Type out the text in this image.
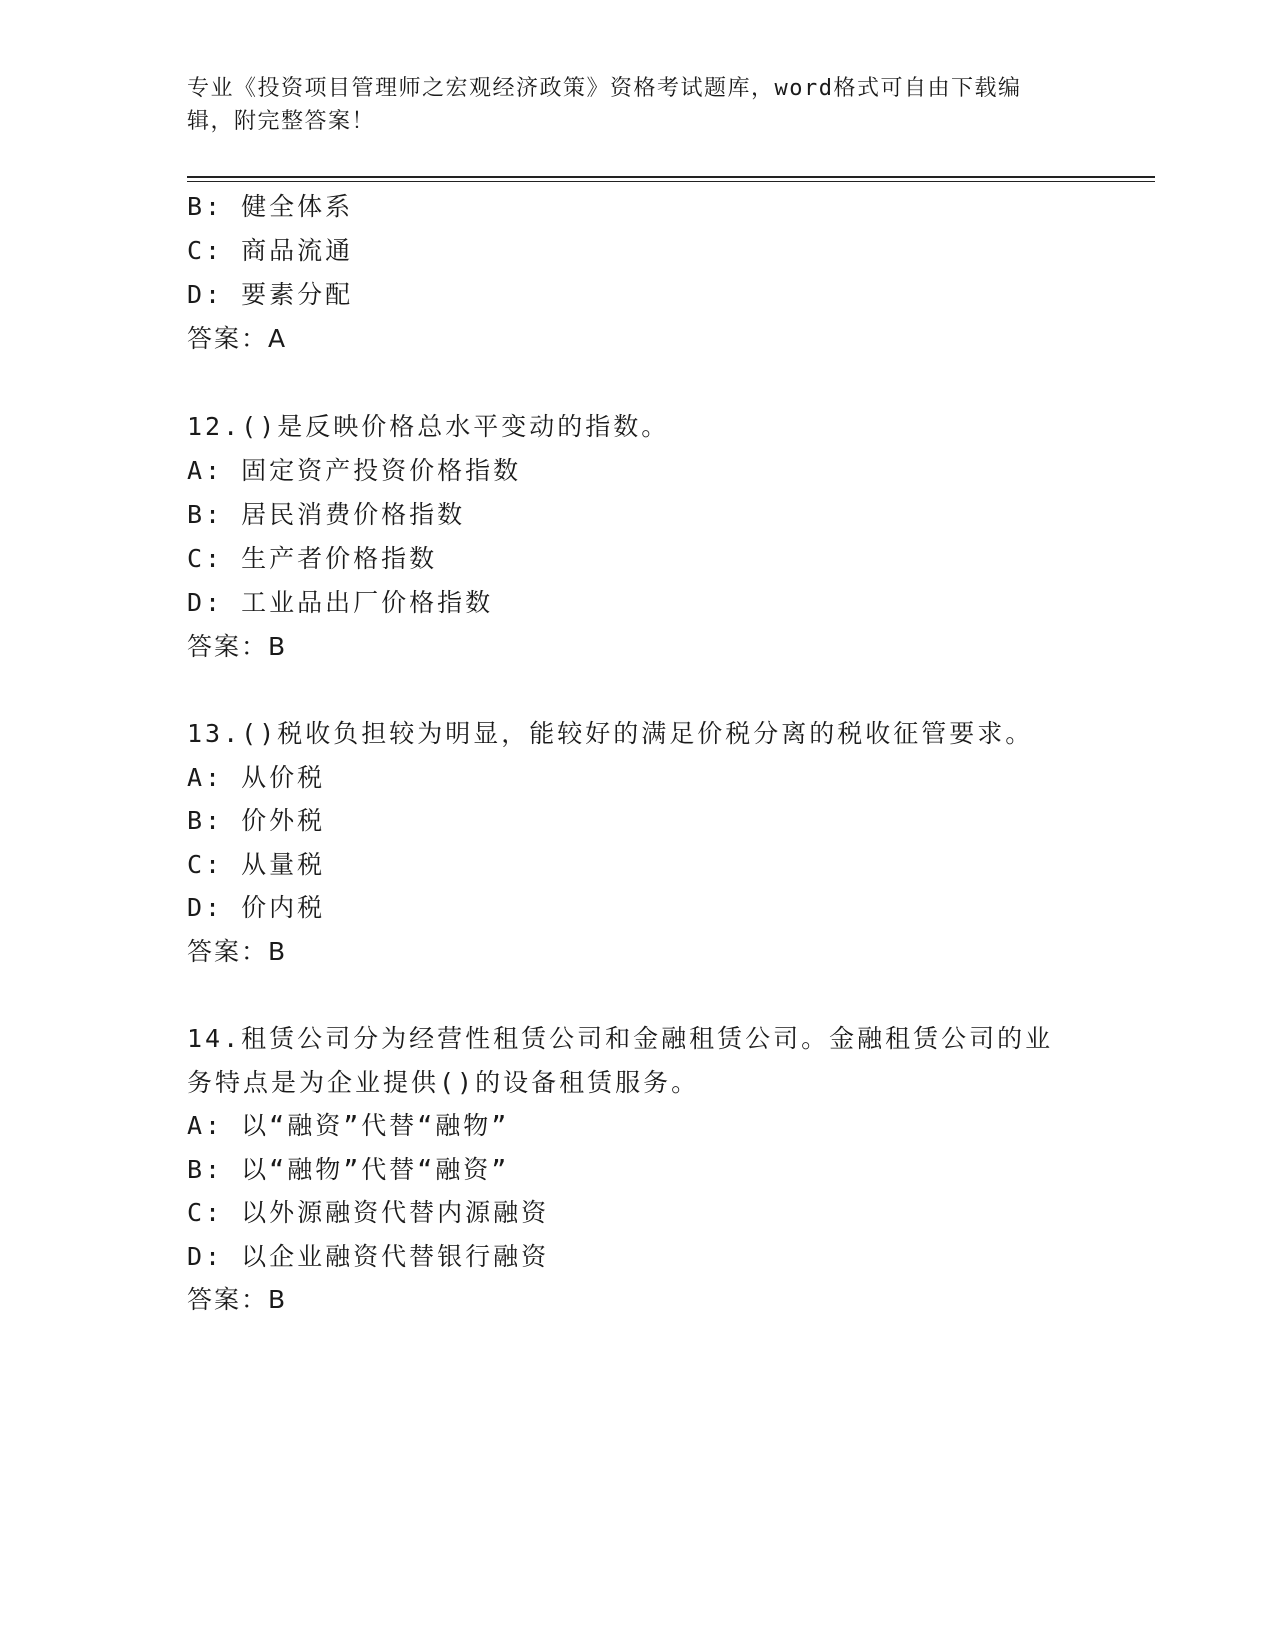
专业《投资项目管理师之宏观经济政策》资格考试题库，word格式可自由下载编
辑，附完整答案！
B: 健全体系
C: 商品流通
D: 要素分配
答案：A
12.()是反映价格总水平变动的指数。
A: 固定资产投资价格指数
B: 居民消费价格指数
C: 生产者价格指数
D: 工业品出厂价格指数
答案：B
13.()税收负担较为明显，能较好的满足价税分离的税收征管要求。
A: 从价税
B: 价外税
C: 从量税
D: 价内税
答案：B
14.租赁公司分为经营性租赁公司和金融租赁公司。金融租赁公司的业
务特点是为企业提供()的设备租赁服务。
A: 以“融资”代替“融物”
B: 以“融物”代替“融资”
C: 以外源融资代替内源融资
D: 以企业融资代替银行融资
答案：B
